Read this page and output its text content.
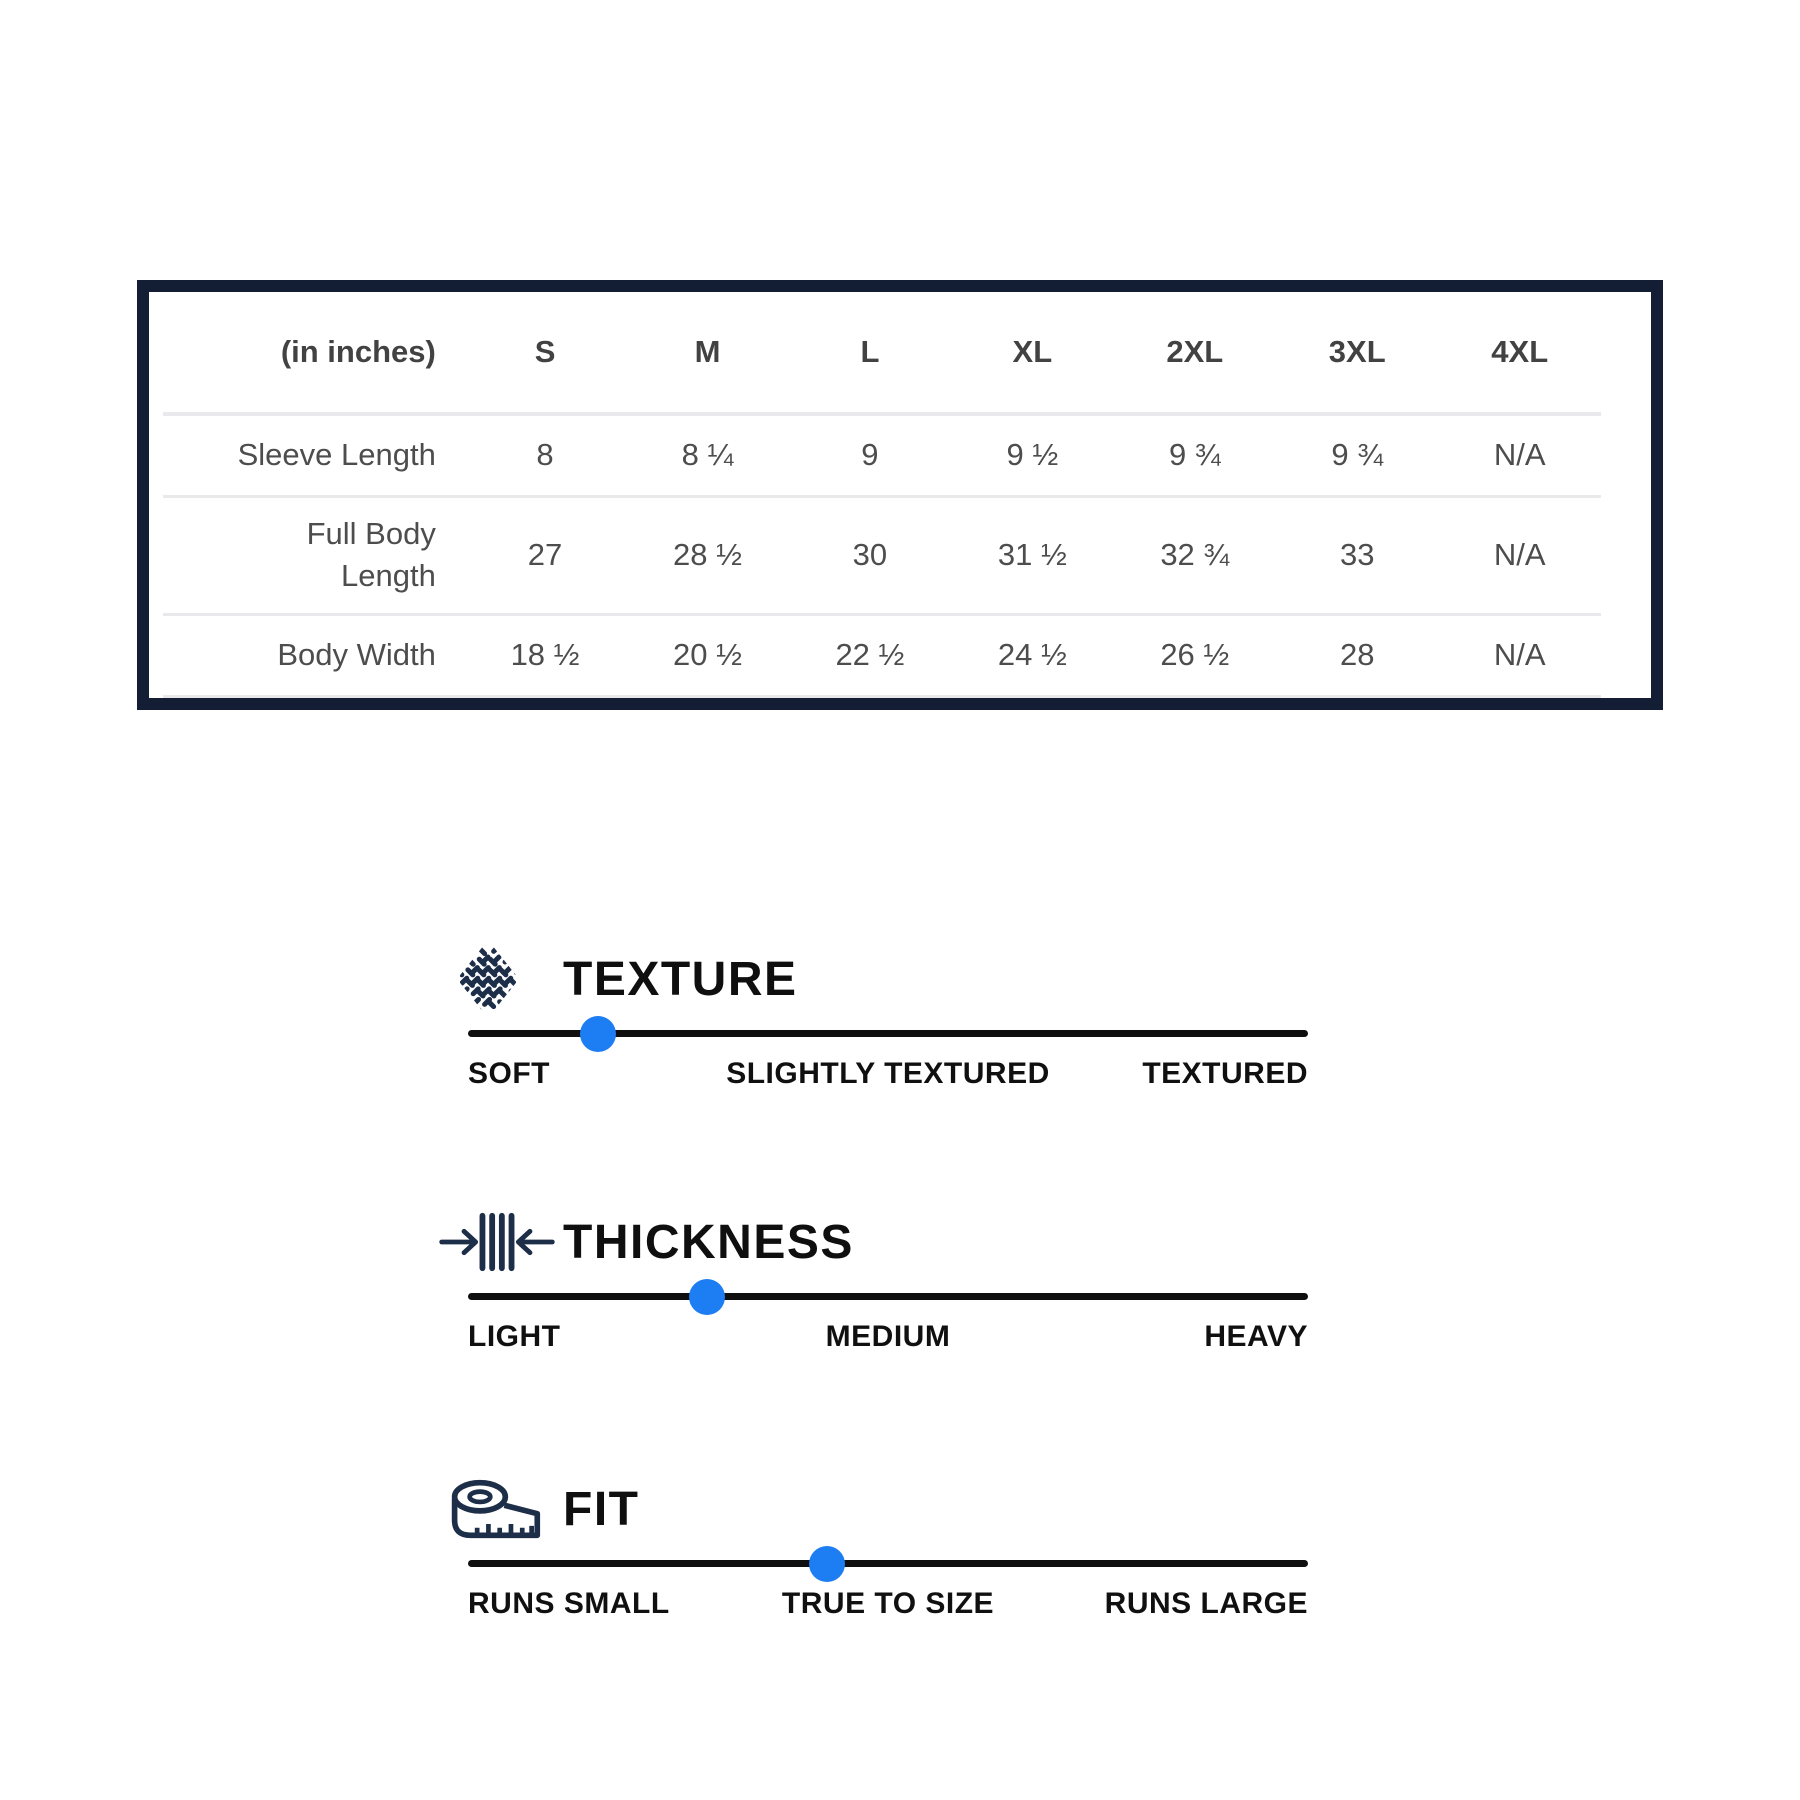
(in inches)	S	M	L	XL	2XL	3XL	4XL
Sleeve Length	8	8 ¼	9	9 ½	9 ¾	9 ¾	N/A
Full Body Length	27	28 ½	30	31 ½	32 ¾	33	N/A
Body Width	18 ½	20 ½	22 ½	24 ½	26 ½	28	N/A
TEXTURE
SOFT	SLIGHTLY TEXTURED	TEXTURED
THICKNESS
LIGHT	MEDIUM	HEAVY
FIT
RUNS SMALL	TRUE TO SIZE	RUNS LARGE
